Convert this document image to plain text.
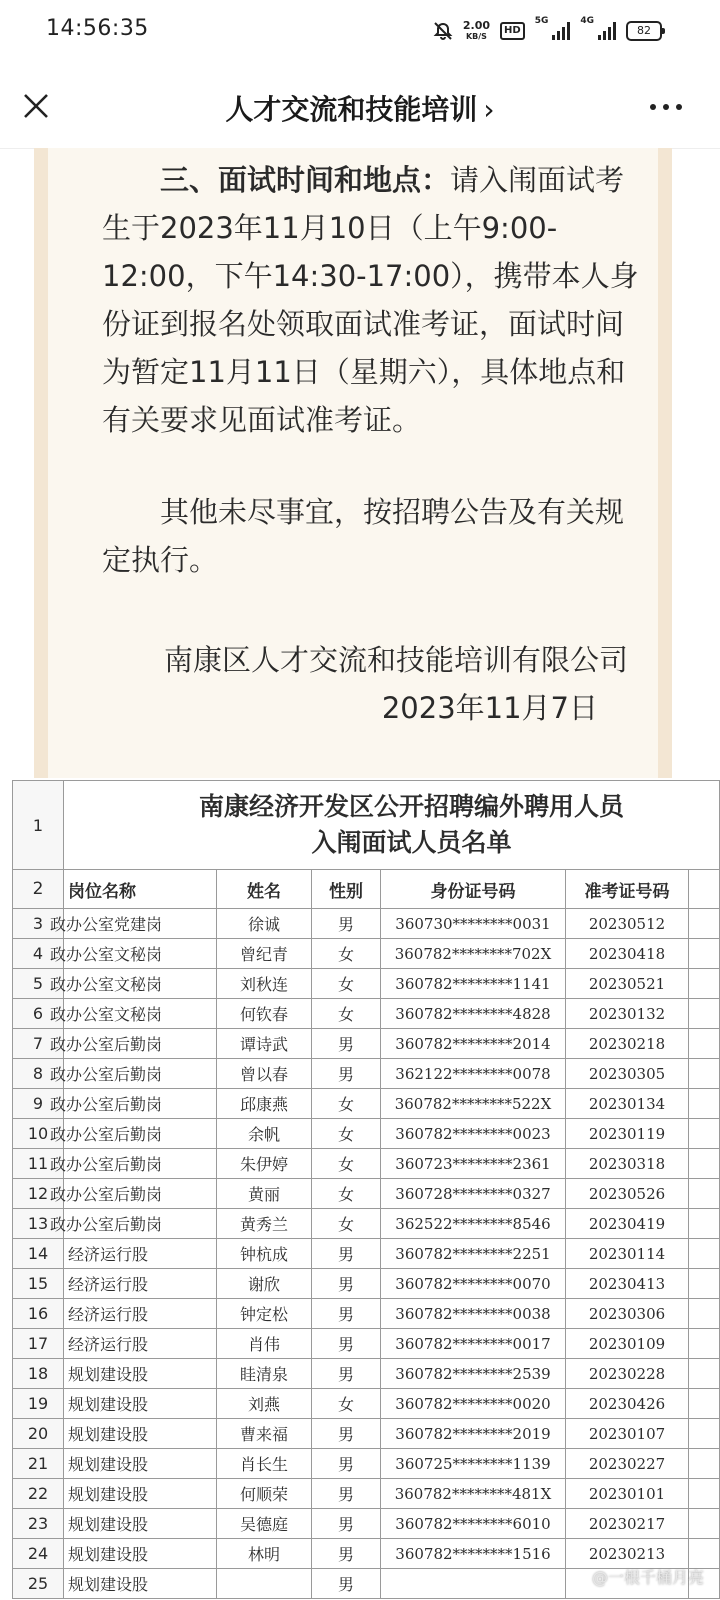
14:56:35	2.00
KB/S
HD
5G	4G
82
人才交流和技能培训 ›

三、面试时间和地点：请入闱面试考生于2023年11月10日（上午9:00-12:00，下午14:30-17:00），携带本人身份证到报名处领取面试准考证，面试时间为暂定11月11日（星期六），具体地点和有关要求见面试准考证。

其他未尽事宜，按招聘公告及有关规定执行。

南康区人才交流和技能培训有限公司

2023年11月7日

1	南康经济开发区公开招聘编外聘用人员
入闱面试人员名单					
2	岗位名称	姓名	性别	身份证号码	准考证号码	
3	政办公室党建岗	徐诚	男	360730********0031	20230512	
4	政办公室文秘岗	曾纪青	女	360782********702X	20230418	
5	政办公室文秘岗	刘秋连	女	360782********1141	20230521	
6	政办公室文秘岗	何钦春	女	360782********4828	20230132	
7	政办公室后勤岗	谭诗武	男	360782********2014	20230218	
8	政办公室后勤岗	曾以春	男	362122********0078	20230305	
9	政办公室后勤岗	邱康燕	女	360782********522X	20230134	
10	政办公室后勤岗	余帆	女	360782********0023	20230119	
11	政办公室后勤岗	朱伊婷	女	360723********2361	20230318	
12	政办公室后勤岗	黄丽	女	360728********0327	20230526	
13	政办公室后勤岗	黄秀兰	女	362522********8546	20230419	
14	经济运行股	钟杭成	男	360782********2251	20230114	
15	经济运行股	谢欣	男	360782********0070	20230413	
16	经济运行股	钟定松	男	360782********0038	20230306	
17	经济运行股	肖伟	男	360782********0017	20230109	
18	规划建设股	眭清泉	男	360782********2539	20230228	
19	规划建设股	刘燕	女	360782********0020	20230426	
20	规划建设股	曹来福	男	360782********2019	20230107	
21	规划建设股	肖长生	男	360725********1139	20230227	
22	规划建设股	何顺荣	男	360782********481X	20230101	
23	规划建设股	吴德庭	男	360782********6010	20230217	
24	规划建设股	林明	男	360782********1516	20230213	
25	规划建设股		男				@一根千桶月亮
